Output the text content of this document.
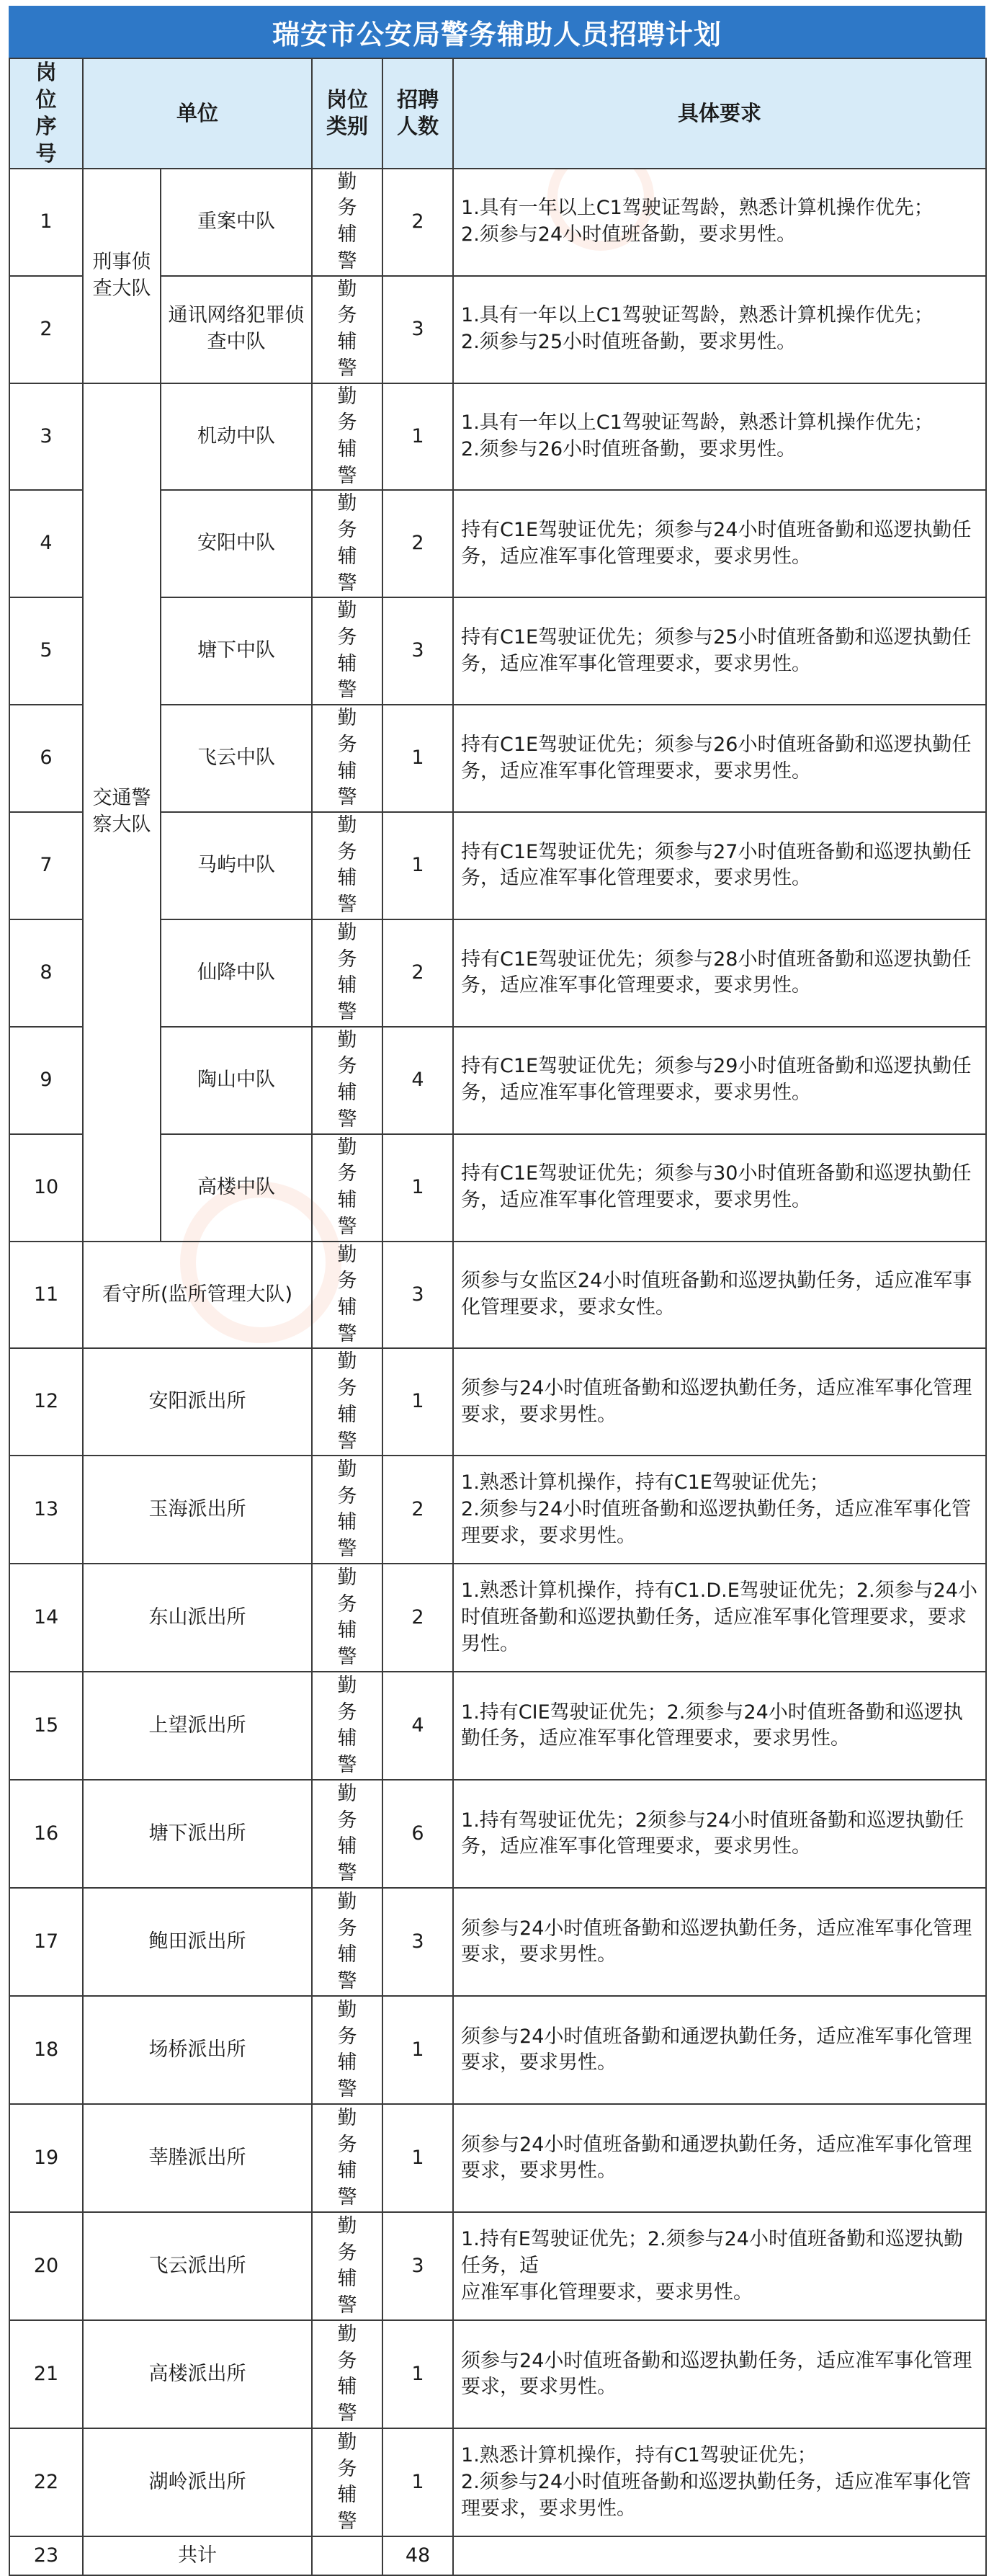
瑞安市公安局警务辅助人员招聘计划
岗位序号	单位		岗位类别	招聘人数	具体要求
1	刑事侦查大队	重案中队	勤务辅警	2	1.具有一年以上C1驾驶证驾龄，熟悉计算机操作优先；
2.须参与24小时值班备勤，要求男性。

2		通讯网络犯罪侦查中队	勤务辅警	3	1.具有一年以上C1驾驶证驾龄，熟悉计算机操作优先；
2.须参与25小时值班备勤，要求男性。

3	交通警察大队	机动中队	勤务辅警	1	1.具有一年以上C1驾驶证驾龄，熟悉计算机操作优先；
2.须参与26小时值班备勤，要求男性。

4		安阳中队	勤务辅警	2	持有C1E驾驶证优先；须参与24小时值班备勤和巡逻执勤任务，适应准军事化管理要求，要求男性。

5		塘下中队	勤务辅警	3	持有C1E驾驶证优先；须参与25小时值班备勤和巡逻执勤任务，适应准军事化管理要求，要求男性。

6		飞云中队	勤务辅警	1	持有C1E驾驶证优先；须参与26小时值班备勤和巡逻执勤任务，适应准军事化管理要求，要求男性。

7		马屿中队	勤务辅警	1	持有C1E驾驶证优先；须参与27小时值班备勤和巡逻执勤任务，适应准军事化管理要求，要求男性。

8		仙降中队	勤务辅警	2	持有C1E驾驶证优先；须参与28小时值班备勤和巡逻执勤任务，适应准军事化管理要求，要求男性。

9		陶山中队	勤务辅警	4	持有C1E驾驶证优先；须参与29小时值班备勤和巡逻执勤任务，适应准军事化管理要求，要求男性。

10		高楼中队	勤务辅警	1	持有C1E驾驶证优先；须参与30小时值班备勤和巡逻执勤任务，适应准军事化管理要求，要求男性。

11	看守所(监所管理大队)		勤务辅警	3	须参与女监区24小时值班备勤和巡逻执勤任务，适应准军事化管理要求，要求女性。

12	安阳派出所		勤务辅警	1	须参与24小时值班备勤和巡逻执勤任务，适应准军事化管理要求，要求男性。

13	玉海派出所		勤务辅警	2	1.熟悉计算机操作，持有C1E驾驶证优先；
2.须参与24小时值班备勤和巡逻执勤任务，适应准军事化管理要求，要求男性。

14	东山派出所		勤务辅警	2	1.熟悉计算机操作，持有C1.D.E驾驶证优先；2.须参与24小时值班备勤和巡逻执勤任务，适应准军事化管理要求，要求男性。

15	上望派出所		勤务辅警	4	1.持有CIE驾驶证优先；2.须参与24小时值班备勤和巡逻执勤任务，适应准军事化管理要求，要求男性。

16	塘下派出所		勤务辅警	6	1.持有驾驶证优先；2须参与24小时值班备勤和巡逻执勤任务，适应准军事化管理要求，要求男性。

17	鲍田派出所		勤务辅警	3	须参与24小时值班备勤和巡逻执勤任务，适应准军事化管理要求，要求男性。

18	场桥派出所		勤务辅警	1	须参与24小时值班备勤和通逻执勤任务，适应准军事化管理要求，要求男性。

19	莘塍派出所		勤务辅警	1	须参与24小时值班备勤和通逻执勤任务，适应准军事化管理要求，要求男性。

20	飞云派出所		勤务辅警	3	1.持有E驾驶证优先；2.须参与24小时值班备勤和巡逻执勤任务，适
应准军事化管理要求，要求男性。

21	高楼派出所		勤务辅警	1	须参与24小时值班备勤和巡逻执勤任务，适应准军事化管理要求，要求男性。

22	湖岭派出所		勤务辅警	1	1.熟悉计算机操作，持有C1驾驶证优先；
2.须参与24小时值班备勤和巡逻执勤任务，适应准军事化管理要求，要求男性。

23	共计			48	
